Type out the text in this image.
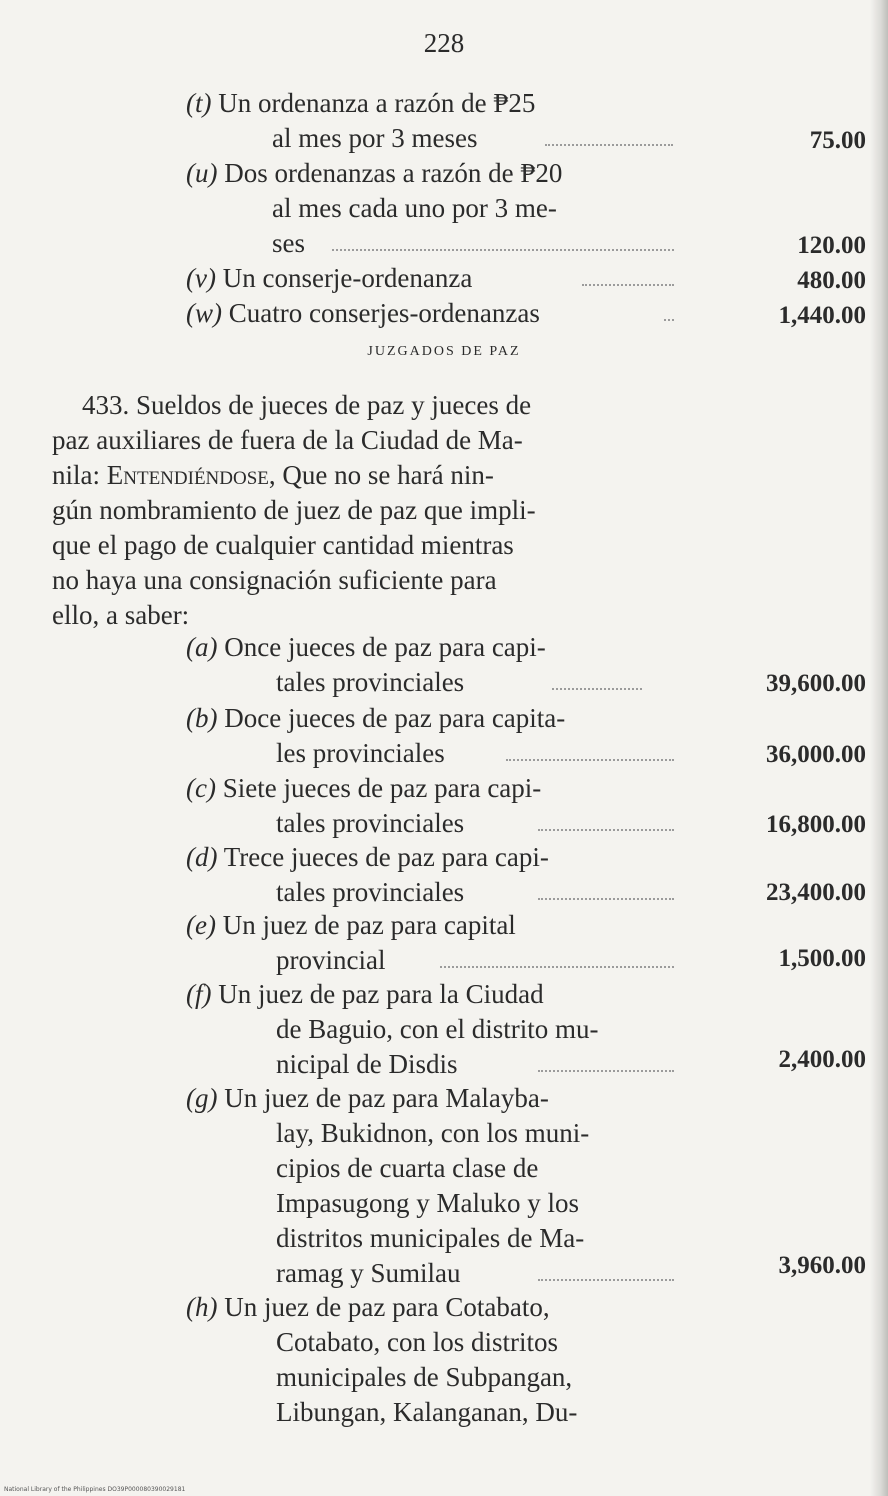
228
(t) Un ordenanza a razón de ₱25
al mes por 3 meses	75.00
(u) Dos ordenanzas a razón de ₱20
al mes cada uno por 3 me-
ses	120.00
(v) Un conserje-ordenanza	480.00
(w) Cuatro conserjes-ordenanzas	1,440.00
JUZGADOS DE PAZ
433. Sueldos de jueces de paz y jueces de
paz auxiliares de fuera de la Ciudad de Ma-
nila: Entendiéndose, Que no se hará nin-
gún nombramiento de juez de paz que impli-
que el pago de cualquier cantidad mientras
no haya una consignación suficiente para
ello, a saber:
(a) Once jueces de paz para capi-
tales provinciales	39,600.00
(b) Doce jueces de paz para capita-
les provinciales	36,000.00
(c) Siete jueces de paz para capi-
tales provinciales	16,800.00
(d) Trece jueces de paz para capi-
tales provinciales	23,400.00
(e) Un juez de paz para capital
provincial	1,500.00
(f) Un juez de paz para la Ciudad
de Baguio, con el distrito mu-
nicipal de Disdis	2,400.00
(g) Un juez de paz para Malayba-
lay, Bukidnon, con los muni-
cipios de cuarta clase de
Impasugong y Maluko y los
distritos municipales de Ma-
ramag y Sumilau	3,960.00
(h) Un juez de paz para Cotabato,
Cotabato, con los distritos
municipales de Subpangan,
Libungan, Kalanganan, Du-
National Library of the Philippines DO39P000080390029181
